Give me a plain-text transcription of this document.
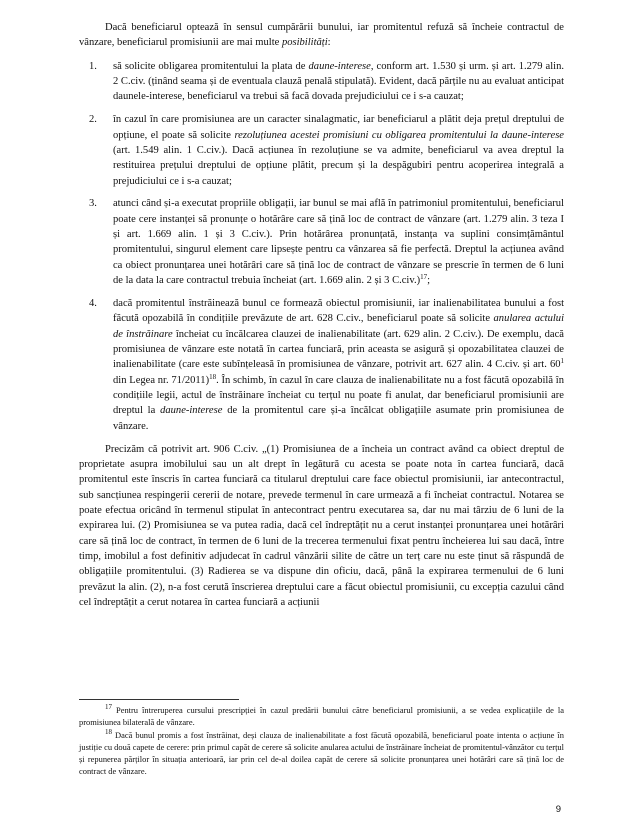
Dacă beneficiarul optează în sensul cumpărării bunului, iar promitentul refuză să încheie contractul de vânzare, beneficiarul promisiunii are mai multe posibilități:

1. să solicite obligarea promitentului la plata de daune-interese, conform art. 1.530 și urm. și art. 1.279 alin. 2 C.civ. (ținând seama și de eventuala clauză penală stipulată). Evident, dacă părțile nu au evaluat anticipat daunele-interese, beneficiarul va trebui să facă dovada prejudiciului ce i s-a cauzat;
2. în cazul în care promisiunea are un caracter sinalagmatic, iar beneficiarul a plătit deja prețul dreptului de opțiune, el poate să solicite rezoluțiunea acestei promisiuni cu obligarea promitentului la daune-interese (art. 1.549 alin. 1 C.civ.). Dacă acțiunea în rezoluțiune se va admite, beneficiarul va avea dreptul la restituirea prețului dreptului de opțiune plătit, precum și la despăgubiri pentru acoperirea integrală a prejudiciului ce i s-a cauzat;
3. atunci când și-a executat propriile obligații, iar bunul se mai află în patrimoniul promitentului, beneficiarul poate cere instanței să pronunțe o hotărâre care să țină loc de contract de vânzare (art. 1.279 alin. 3 teza I și art. 1.669 alin. 1 și 3 C.civ.). Prin hotărârea pronunțată, instanța va suplini consimțământul promitentului, singurul element care lipsește pentru ca vânzarea să fie perfectă. Dreptul la acțiunea având ca obiect pronunțarea unei hotărâri care să țină loc de contract de vânzare se prescrie în termen de 6 luni de la data la care contractul trebuia încheiat (art. 1.669 alin. 2 și 3 C.civ.)$^{17}$;
4. dacă promitentul înstrăinează bunul ce formează obiectul promisiunii, iar inalienabilitatea bunului a fost făcută opozabilă în condițiile prevăzute de art. 628 C.civ., beneficiarul poate să solicite anularea actului de înstrăinare încheiat cu încălcarea clauzei de inalienabilitate (art. 629 alin. 2 C.civ.). De exemplu, dacă promisiunea de vânzare este notată în cartea funciară, prin aceasta se asigură și opozabilitatea clauzei de inalienabilitate (care este subînțeleasă în promisiunea de vânzare, potrivit art. 627 alin. 4 C.civ. și art. $60^1$ din Legea nr. 71/2011)$^{18}$. În schimb, în cazul în care clauza de inalienabilitate nu a fost făcută opozabilă în condițiile legii, actul de înstrăinare încheiat cu terțul nu poate fi anulat, dar beneficiarul promisiunii are dreptul la daune-interese de la promitentul care și-a încălcat obligațiile asumate prin promisiunea de vânzare.

Precizăm că potrivit art. 906 C.civ. „(1) Promisiunea de a încheia un contract având ca obiect dreptul de proprietate asupra imobilului sau un alt drept în legătură cu acesta se poate nota în cartea funciară, dacă promitentul este înscris în cartea funciară ca titularul dreptului care face obiectul promisiunii, iar antecontractul, sub sancțiunea respingerii cererii de notare, prevede termenul în care urmează a fi încheiat contractul. Notarea se poate efectua oricând în termenul stipulat în antecontract pentru executarea sa, dar nu mai târziu de 6 luni de la expirarea lui. (2) Promisiunea se va putea radia, dacă cel îndreptățit nu a cerut instanței pronunțarea unei hotărâri care să țină loc de contract, în termen de 6 luni de la trecerea termenului fixat pentru încheierea lui sau dacă, între timp, imobilul a fost definitiv adjudecat în cadrul vânzării silite de către un terț care nu este ținut să răspundă de obligațiile promitentului. (3) Radierea se va dispune din oficiu, dacă, până la expirarea termenului de 6 luni prevăzut la alin. (2), n-a fost cerută înscrierea dreptului care a făcut obiectul promisiunii, cu excepția cazului când cel îndreptățit a cerut notarea în cartea funciară a acțiunii

$^{17}$ Pentru întreruperea cursului prescripției în cazul predării bunului către beneficiarul promisiunii, a se vedea explicațiile de la promisiunea bilaterală de vânzare.

$^{18}$ Dacă bunul promis a fost înstrăinat, deși clauza de inalienabilitate a fost făcută opozabilă, beneficiarul poate intenta o acțiune în justiție cu două capete de cerere: prin primul capăt de cerere să solicite anularea actului de înstrăinare încheiat de promitentul-vânzător cu terțul și repunerea părților în situația anterioară, iar prin cel de-al doilea capăt de cerere să solicite pronunțarea unei hotărâri care să țină loc de contract de vânzare.

9
